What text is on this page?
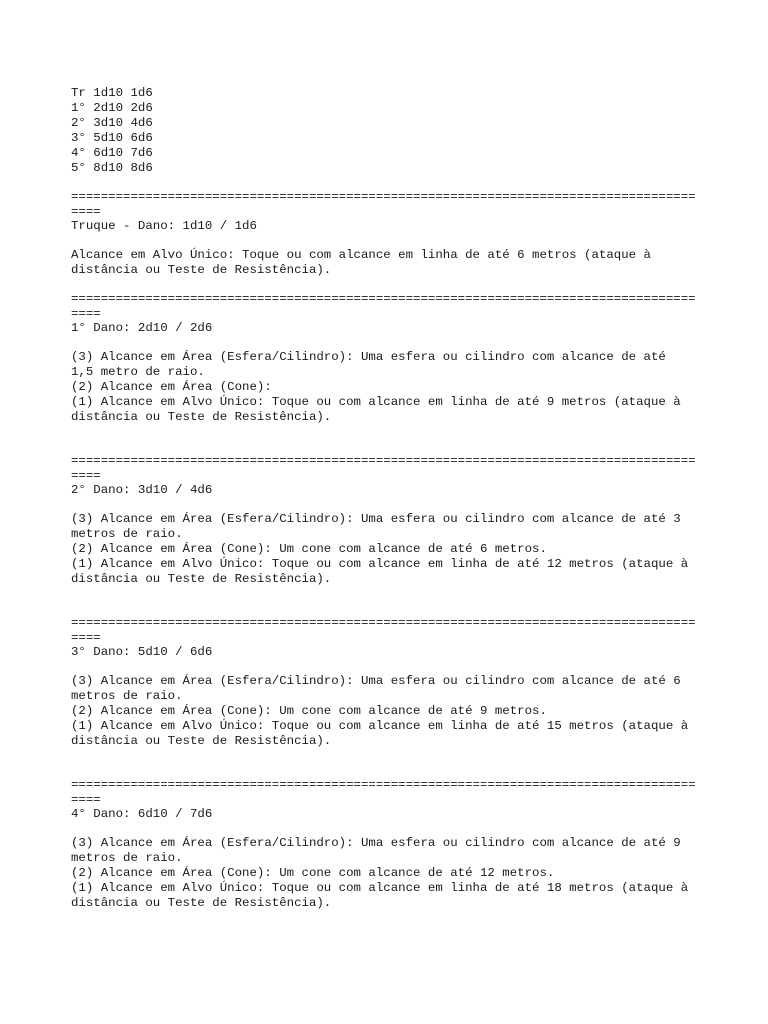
Tr 1d10 1d6

1° 2d10 2d6

2° 3d10 4d6

3° 5d10 6d6

4° 6d10 7d6

5° 8d10 8d6

====================================================================================

====

Truque - Dano: 1d10 / 1d6

Alcance em Alvo Único: Toque ou com alcance em linha de até 6 metros (ataque à

distância ou Teste de Resistência).

====================================================================================

====

1° Dano: 2d10 / 2d6

(3) Alcance em Área (Esfera/Cilindro): Uma esfera ou cilindro com alcance de até

1,5 metro de raio.

(2) Alcance em Área (Cone):

(1) Alcance em Alvo Único: Toque ou com alcance em linha de até 9 metros (ataque à

distância ou Teste de Resistência).

====================================================================================

====

2° Dano: 3d10 / 4d6

(3) Alcance em Área (Esfera/Cilindro): Uma esfera ou cilindro com alcance de até 3

metros de raio.

(2) Alcance em Área (Cone): Um cone com alcance de até 6 metros.

(1) Alcance em Alvo Único: Toque ou com alcance em linha de até 12 metros (ataque à

distância ou Teste de Resistência).

====================================================================================

====

3° Dano: 5d10 / 6d6

(3) Alcance em Área (Esfera/Cilindro): Uma esfera ou cilindro com alcance de até 6

metros de raio.

(2) Alcance em Área (Cone): Um cone com alcance de até 9 metros.

(1) Alcance em Alvo Único: Toque ou com alcance em linha de até 15 metros (ataque à

distância ou Teste de Resistência).

====================================================================================

====

4° Dano: 6d10 / 7d6

(3) Alcance em Área (Esfera/Cilindro): Uma esfera ou cilindro com alcance de até 9

metros de raio.

(2) Alcance em Área (Cone): Um cone com alcance de até 12 metros.

(1) Alcance em Alvo Único: Toque ou com alcance em linha de até 18 metros (ataque à

distância ou Teste de Resistência).
